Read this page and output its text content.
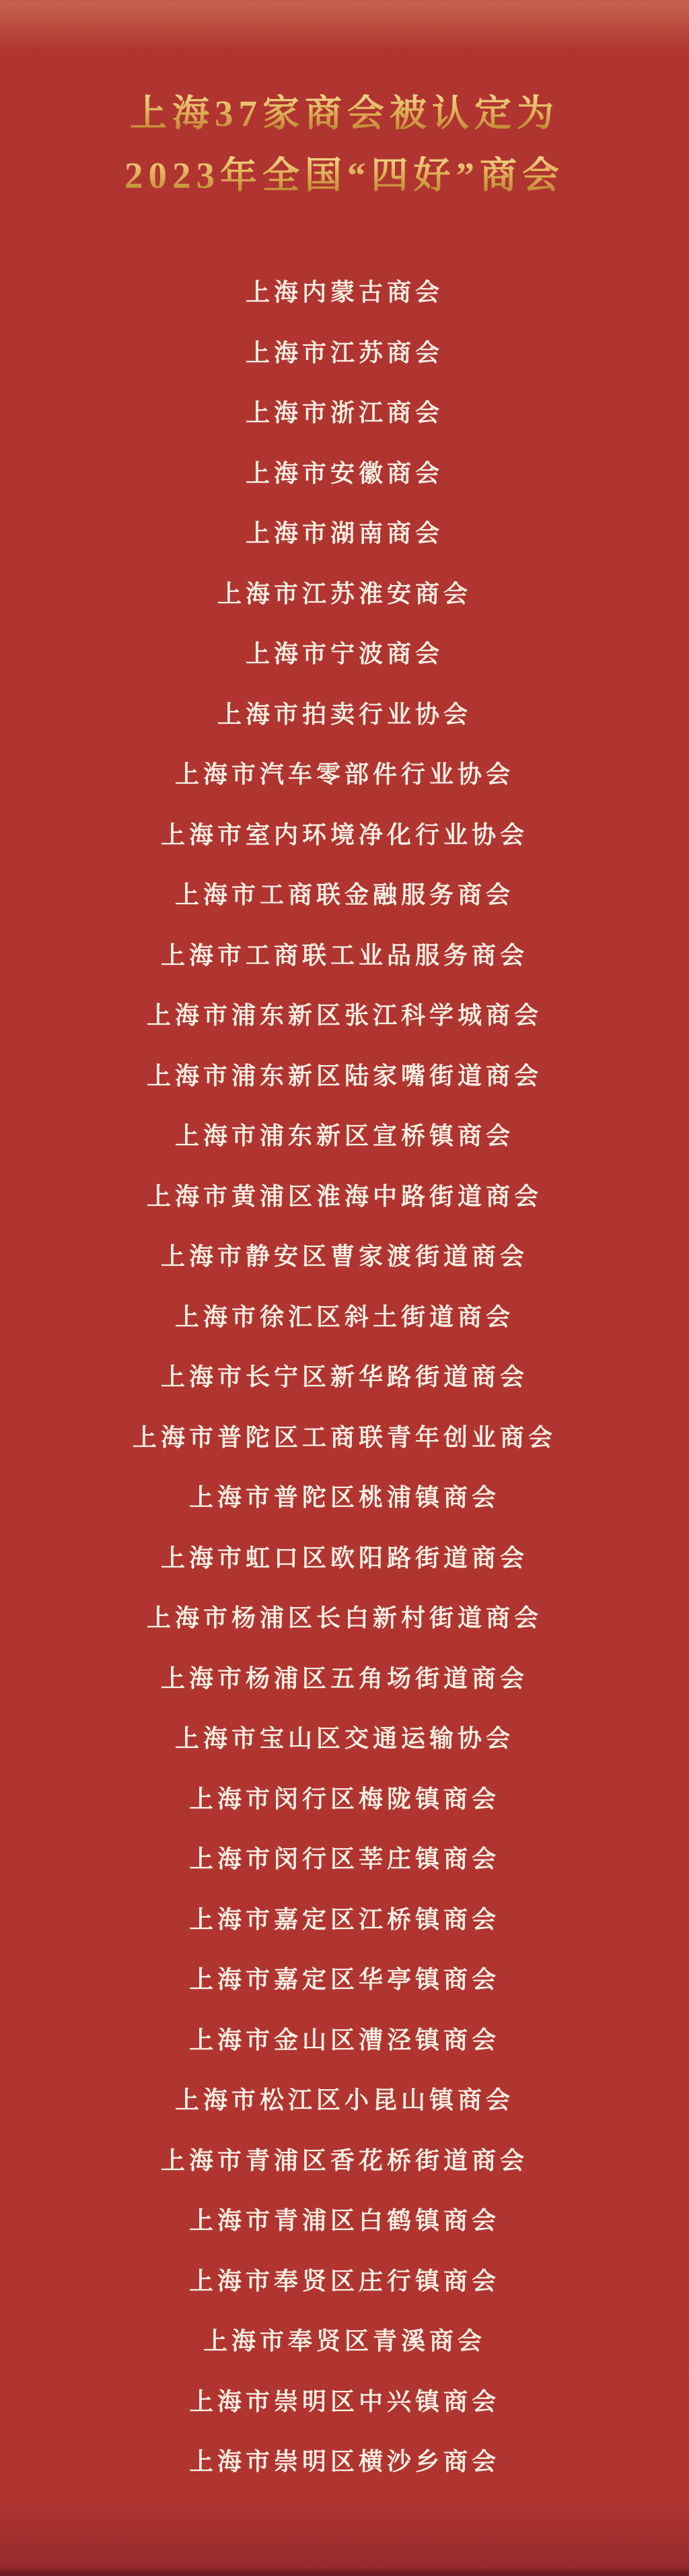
上海37家商会被认定为
2023年全国“四好”商会
上海内蒙古商会
上海市江苏商会
上海市浙江商会
上海市安徽商会
上海市湖南商会
上海市江苏淮安商会
上海市宁波商会
上海市拍卖行业协会
上海市汽车零部件行业协会
上海市室内环境净化行业协会
上海市工商联金融服务商会
上海市工商联工业品服务商会
上海市浦东新区张江科学城商会
上海市浦东新区陆家嘴街道商会
上海市浦东新区宣桥镇商会
上海市黄浦区淮海中路街道商会
上海市静安区曹家渡街道商会
上海市徐汇区斜土街道商会
上海市长宁区新华路街道商会
上海市普陀区工商联青年创业商会
上海市普陀区桃浦镇商会
上海市虹口区欧阳路街道商会
上海市杨浦区长白新村街道商会
上海市杨浦区五角场街道商会
上海市宝山区交通运输协会
上海市闵行区梅陇镇商会
上海市闵行区莘庄镇商会
上海市嘉定区江桥镇商会
上海市嘉定区华亭镇商会
上海市金山区漕泾镇商会
上海市松江区小昆山镇商会
上海市青浦区香花桥街道商会
上海市青浦区白鹤镇商会
上海市奉贤区庄行镇商会
上海市奉贤区青溪商会
上海市崇明区中兴镇商会
上海市崇明区横沙乡商会
